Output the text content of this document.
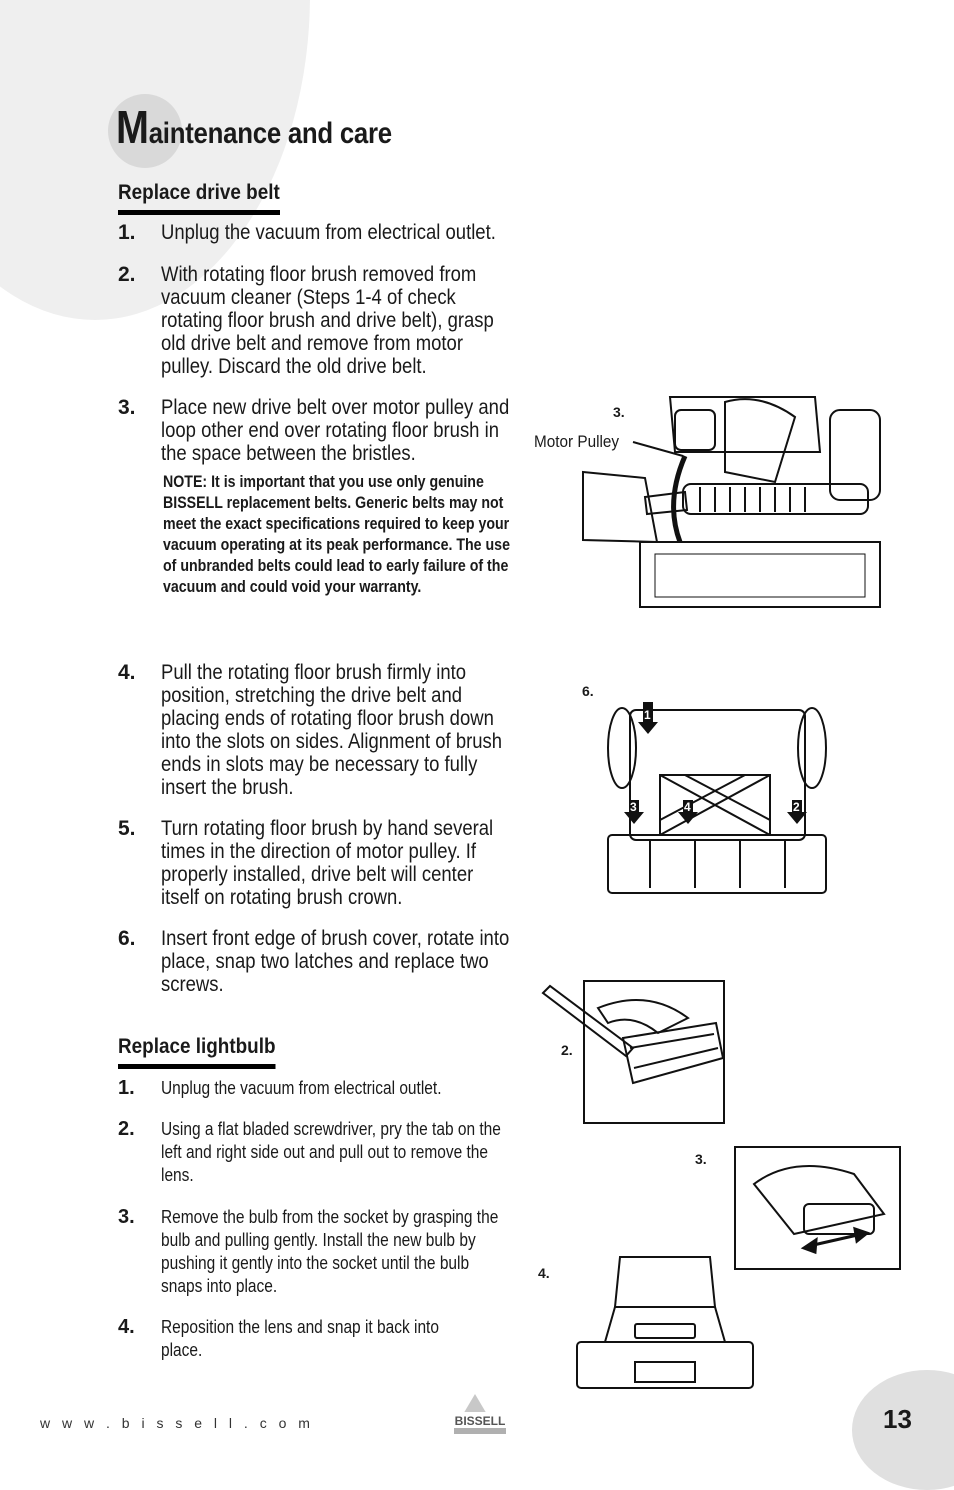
Maintenance and care
Replace drive belt
1. Unplug the vacuum from electrical outlet.
2. With rotating floor brush removed from vacuum cleaner (Steps 1-4 of check rotating floor brush and drive belt), grasp old drive belt and remove from motor pulley. Discard the old drive belt.
3. Place new drive belt over motor pulley and loop other end over rotating floor brush in the space between the bristles.

NOTE: It is important that you use only genuine BISSELL replacement belts. Generic belts may not meet the exact specifications required to keep your vacuum operating at its peak performance. The use of unbranded belts could lead to early failure of the vacuum and could void your warranty.

4. Pull the rotating floor brush firmly into position, stretching the drive belt and placing ends of rotating floor brush down into the slots on sides. Alignment of brush ends in slots may be necessary to fully insert the brush.
5. Turn rotating floor brush by hand several times in the direction of motor pulley. If properly installed, drive belt will center itself on rotating brush crown.
6. Insert front edge of brush cover, rotate into place, snap two latches and replace two screws.
Replace lightbulb
1. Unplug the vacuum from electrical outlet.
2. Using a flat bladed screwdriver, pry the tab on the left and right side out and pull out to remove the lens.
3. Remove the bulb from the socket by grasping the bulb and pulling gently. Install the new bulb by pushing it gently into the socket until the bulb snaps into place.
4. Reposition the lens and snap it back into place.
3.
Motor Pulley
6.
1
3	4	2
2.
3.
4.
w w w . b i s s e l l . c o m	BISSELL	13
